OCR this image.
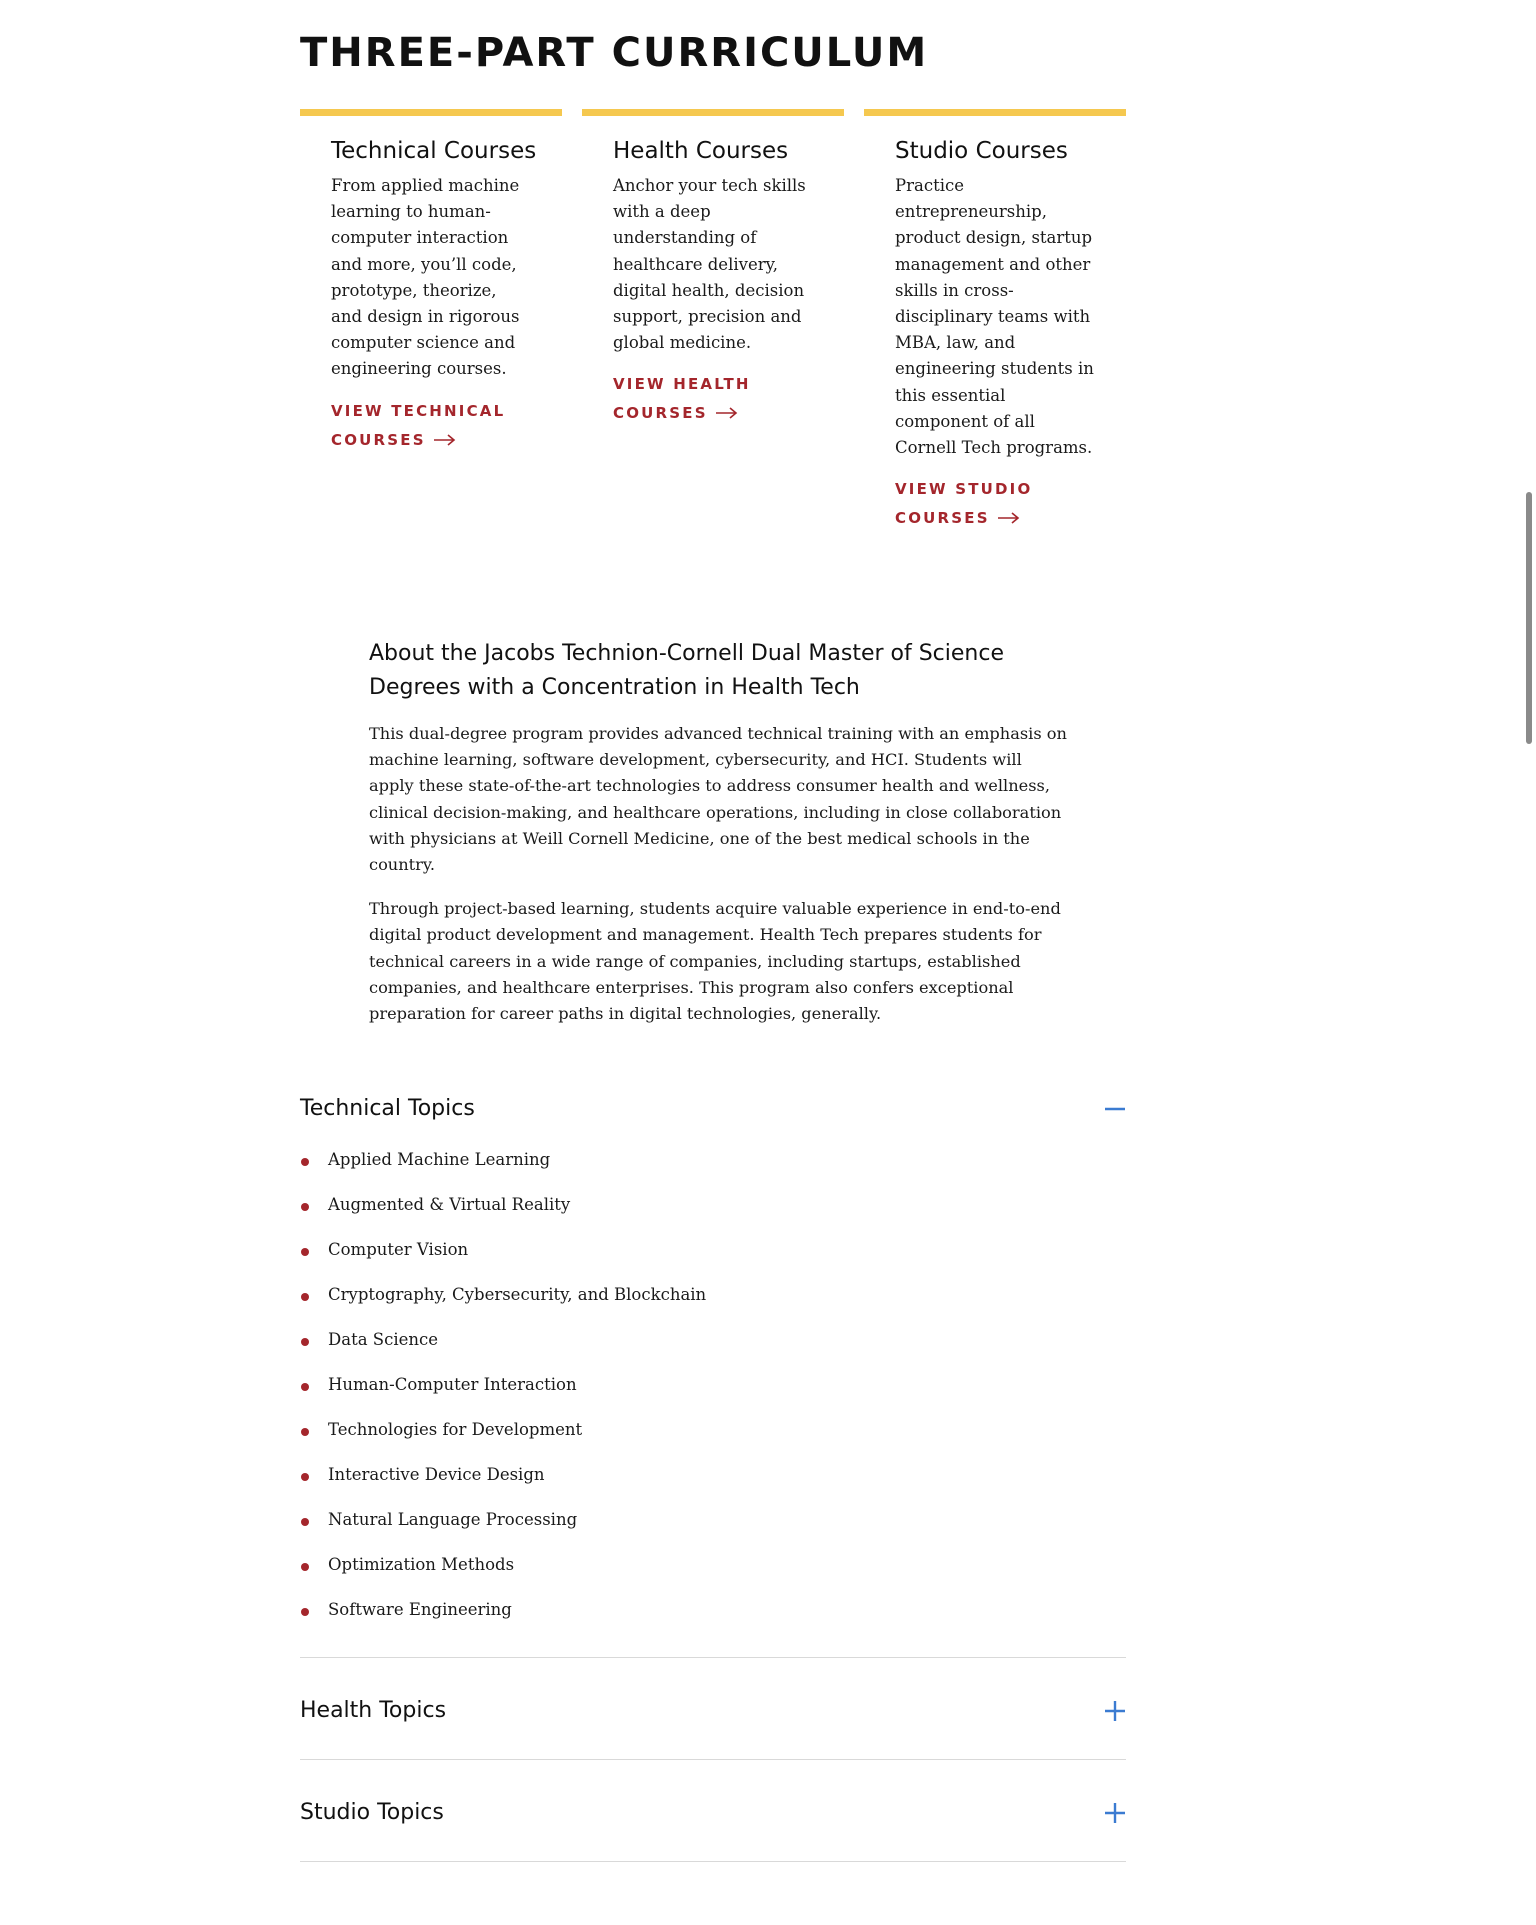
THREE-PART CURRICULUM
Technical Courses

From applied machine learning to human-computer interaction and more, you’ll code, prototype, theorize, and design in rigorous computer science and engineering courses.

VIEW TECHNICAL COURSES
Health Courses

Anchor your tech skills with a deep understanding of healthcare delivery, digital health, decision support, precision and global medicine.

VIEW HEALTH COURSES
Studio Courses

Practice entrepreneurship, product design, startup management and other skills in cross-disciplinary teams with MBA, law, and engineering students in this essential component of all Cornell Tech programs.

VIEW STUDIO COURSES
About the Jacobs Technion-Cornell Dual Master of Science Degrees with a Concentration in Health Tech

This dual-degree program provides advanced technical training with an emphasis on machine learning, software development, cybersecurity, and HCI. Students will apply these state-of-the-art technologies to address consumer health and wellness, clinical decision-making, and healthcare operations, including in close collaboration with physicians at Weill Cornell Medicine, one of the best medical schools in the country.

Through project-based learning, students acquire valuable experience in end-to-end digital product development and management. Health Tech prepares students for technical careers in a wide range of companies, including startups, established companies, and healthcare enterprises. This program also confers exceptional preparation for career paths in digital technologies, generally.

Technical Topics
Applied Machine Learning
Augmented & Virtual Reality
Computer Vision
Cryptography, Cybersecurity, and Blockchain
Data Science
Human-Computer Interaction
Technologies for Development
Interactive Device Design
Natural Language Processing
Optimization Methods
Software Engineering
Health Topics
Studio Topics
